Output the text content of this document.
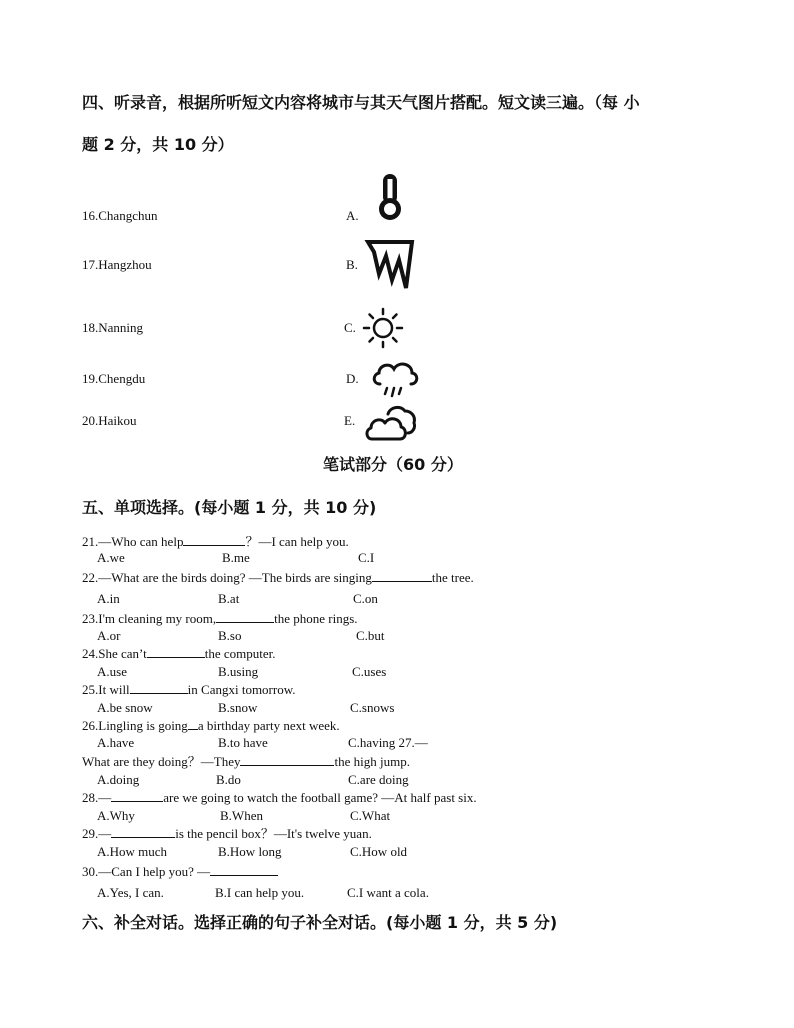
四、听录音，根据所听短文内容将城市与其天气图片搭配。短文读三遍。（每 小
题 2 分，共 10 分）
16.Changchun	A.
17.Hangzhou	B.
18.Nanning	C.
19.Chengdu	D.
20.Haikou	E.
笔试部分（60 分）
五、单项选择。(每小题 1 分，共 10 分)
21.—Who can help	？—I can help you.
A.we	B.me	C.I
22.—What are the birds doing? —The birds are singing	the tree.
A.in	B.at	C.on
23.I'm cleaning my room,	the phone rings.
A.or	B.so	C.but
24.She can’t	the computer.
A.use	B.using	C.uses
25.It will	in Cangxi tomorrow.
A.be snow	B.snow	C.snows
26.Lingling is going a birthday party next week.
A.have	B.to have	C.having 27.—
What are they doing？—They	the high jump.
A.doing	B.do	C.are doing
28.—	are we going to watch the football game? —At half past six.
A.Why	B.When	C.What
29.—	is the pencil box？—It's twelve yuan.
A.How much	B.How long	C.How old
30.—Can I help you? —
A.Yes, I can.	B.I can help you.	C.I want a cola.
六、补全对话。选择正确的句子补全对话。(每小题 1 分，共 5 分)
